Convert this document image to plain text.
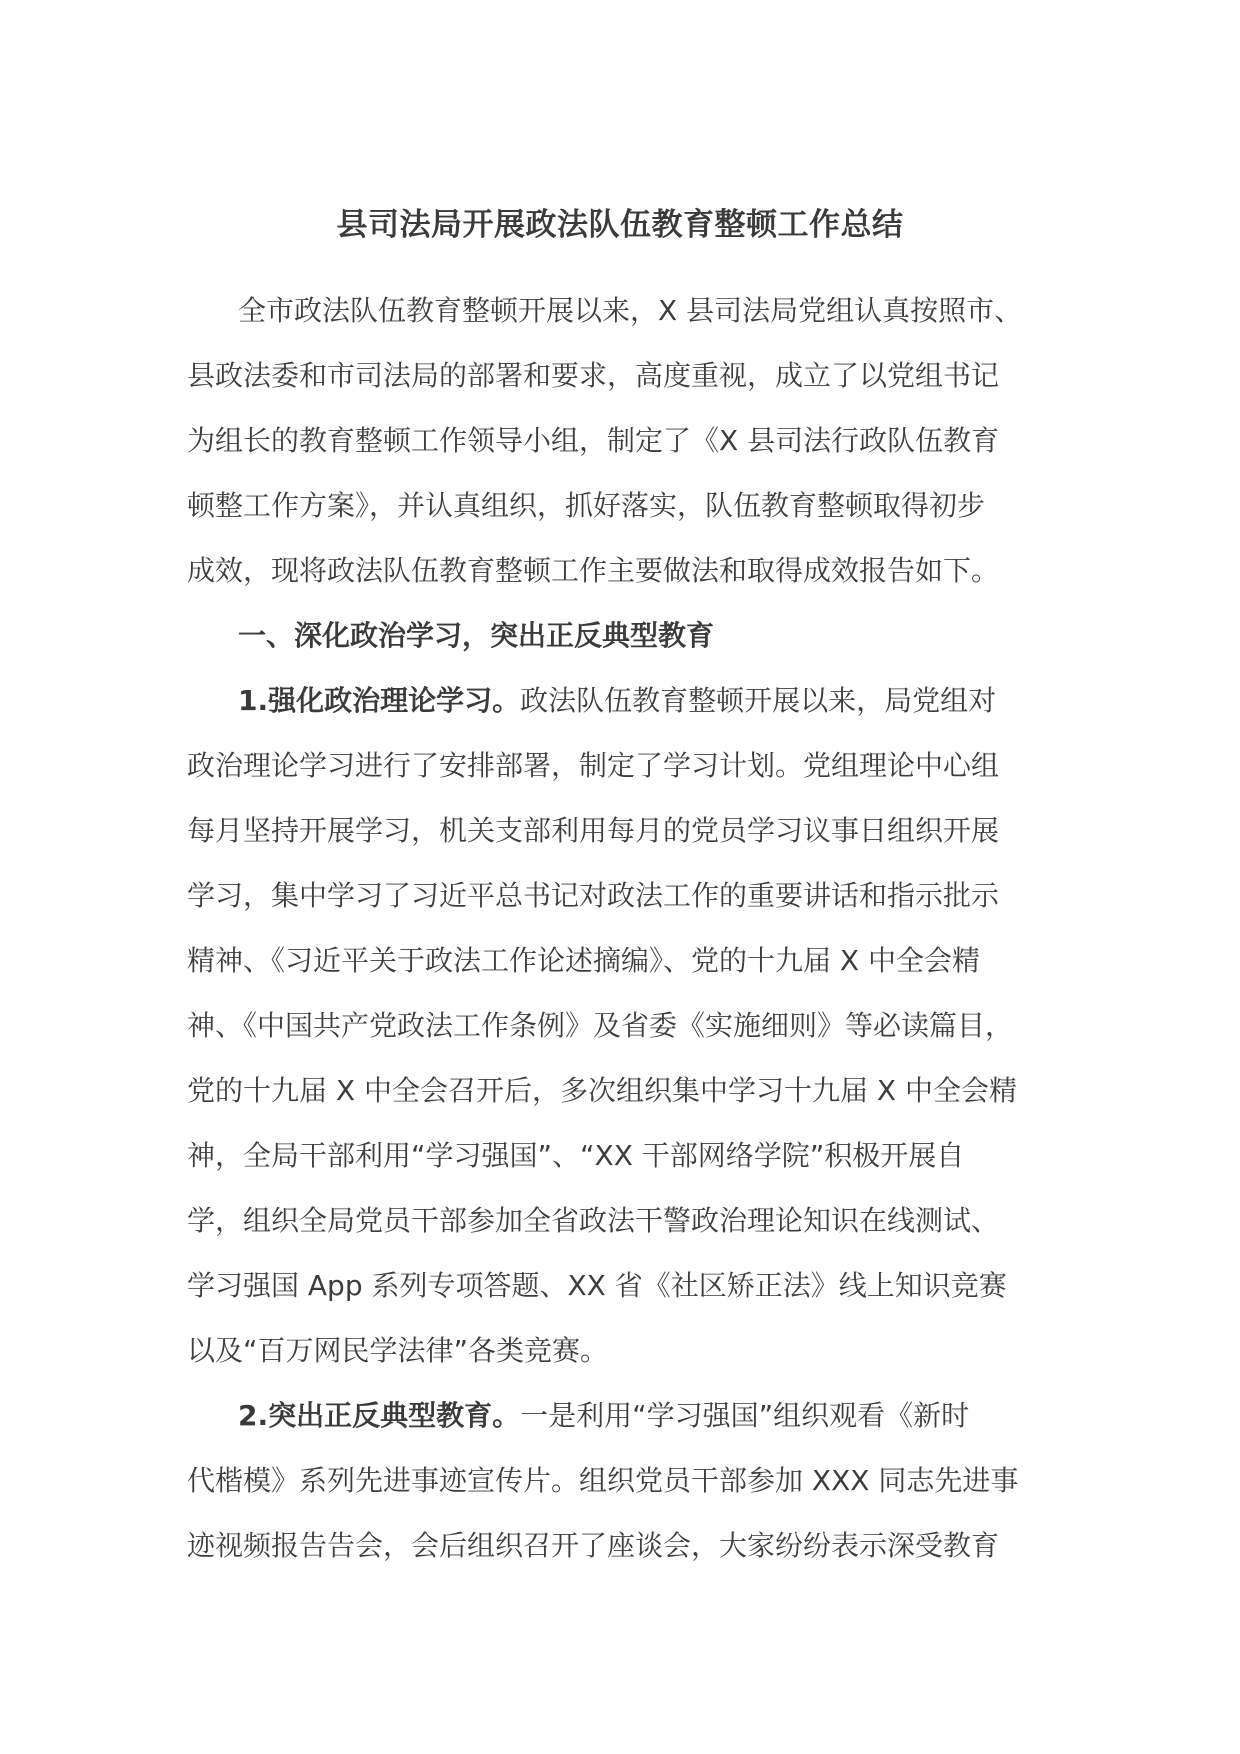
县司法局开展政法队伍教育整顿工作总结
全市政法队伍教育整顿开展以来，X 县司法局党组认真按照市、
县政法委和市司法局的部署和要求，高度重视，成立了以党组书记
为组长的教育整顿工作领导小组，制定了《X 县司法行政队伍教育
顿整工作方案》，并认真组织，抓好落实，队伍教育整顿取得初步
成效，现将政法队伍教育整顿工作主要做法和取得成效报告如下。
一、深化政治学习，突出正反典型教育
1.强化政治理论学习。政法队伍教育整顿开展以来，局党组对
政治理论学习进行了安排部署，制定了学习计划。党组理论中心组
每月坚持开展学习，机关支部利用每月的党员学习议事日组织开展
学习，集中学习了习近平总书记对政法工作的重要讲话和指示批示
精神、《习近平关于政法工作论述摘编》、党的十九届 X 中全会精
神、《中国共产党政法工作条例》及省委《实施细则》等必读篇目，
党的十九届 X 中全会召开后，多次组织集中学习十九届 X 中全会精
神，全局干部利用“学习强国”、“XX 干部网络学院”积极开展自
学，组织全局党员干部参加全省政法干警政治理论知识在线测试、
学习强国 App 系列专项答题、XX 省《社区矫正法》线上知识竞赛
以及“百万网民学法律”各类竞赛。
2.突出正反典型教育。一是利用“学习强国”组织观看《新时
代楷模》系列先进事迹宣传片。组织党员干部参加 XXX 同志先进事
迹视频报告告会，会后组织召开了座谈会，大家纷纷表示深受教育
